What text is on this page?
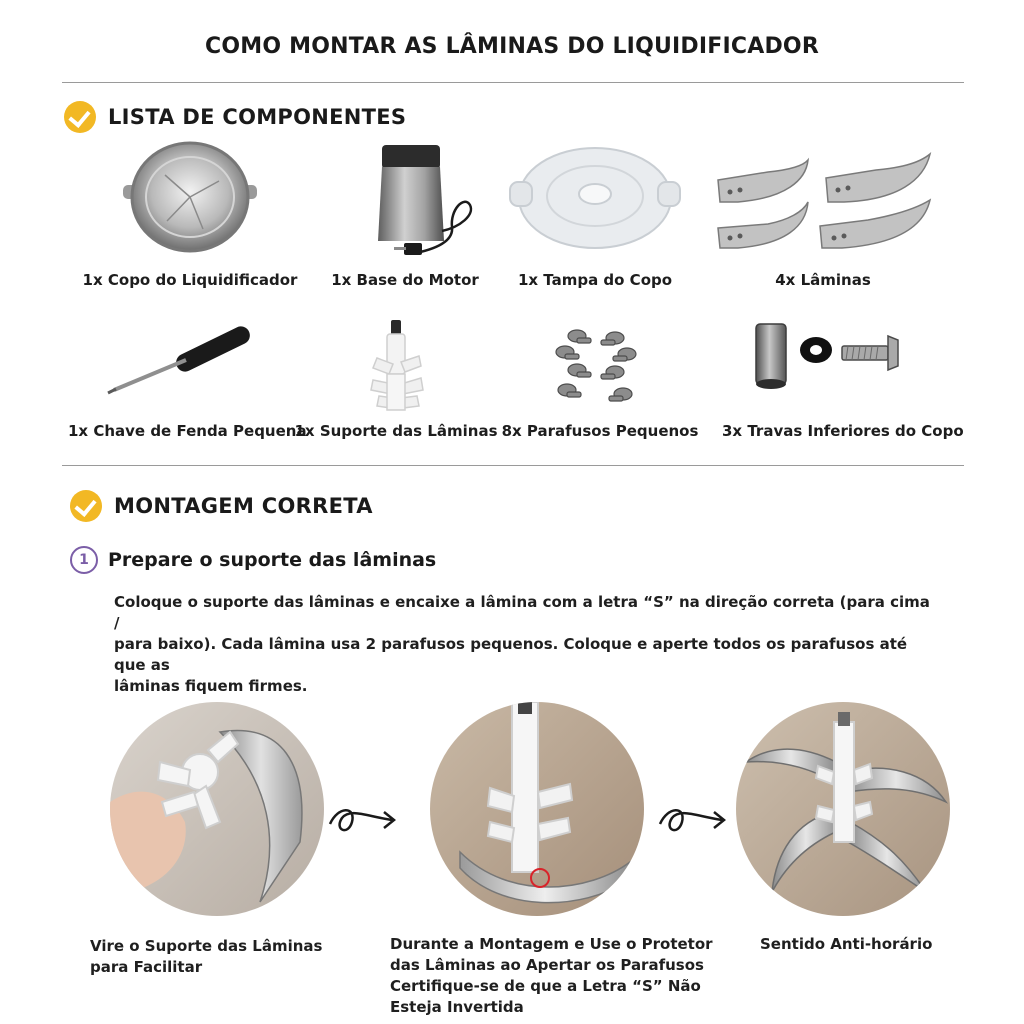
COMO MONTAR AS LÂMINAS DO LIQUIDIFICADOR
LISTA DE COMPONENTES
1x Copo do Liquidificador	1x Base do Motor	1x Tampa do Copo	4x Lâminas
1x Chave de Fenda Pequena
1x Suporte das Lâminas 8x Parafusos Pequenos	3x Travas Inferiores do Copo
MONTAGEM CORRETA
1	Prepare o suporte das lâminas
Coloque o suporte das lâminas e encaixe a lâmina com a letra “S” na direção correta (para cima /
para baixo). Cada lâmina usa 2 parafusos pequenos. Coloque e aperte todos os parafusos até que as
lâminas fiquem firmes.
Vire o Suporte das Lâminas
para Facilitar
Durante a Montagem e Use o Protetor
das Lâminas ao Apertar os Parafusos
Certifique-se de que a Letra “S” Não
Esteja Invertida
Sentido Anti-horário
